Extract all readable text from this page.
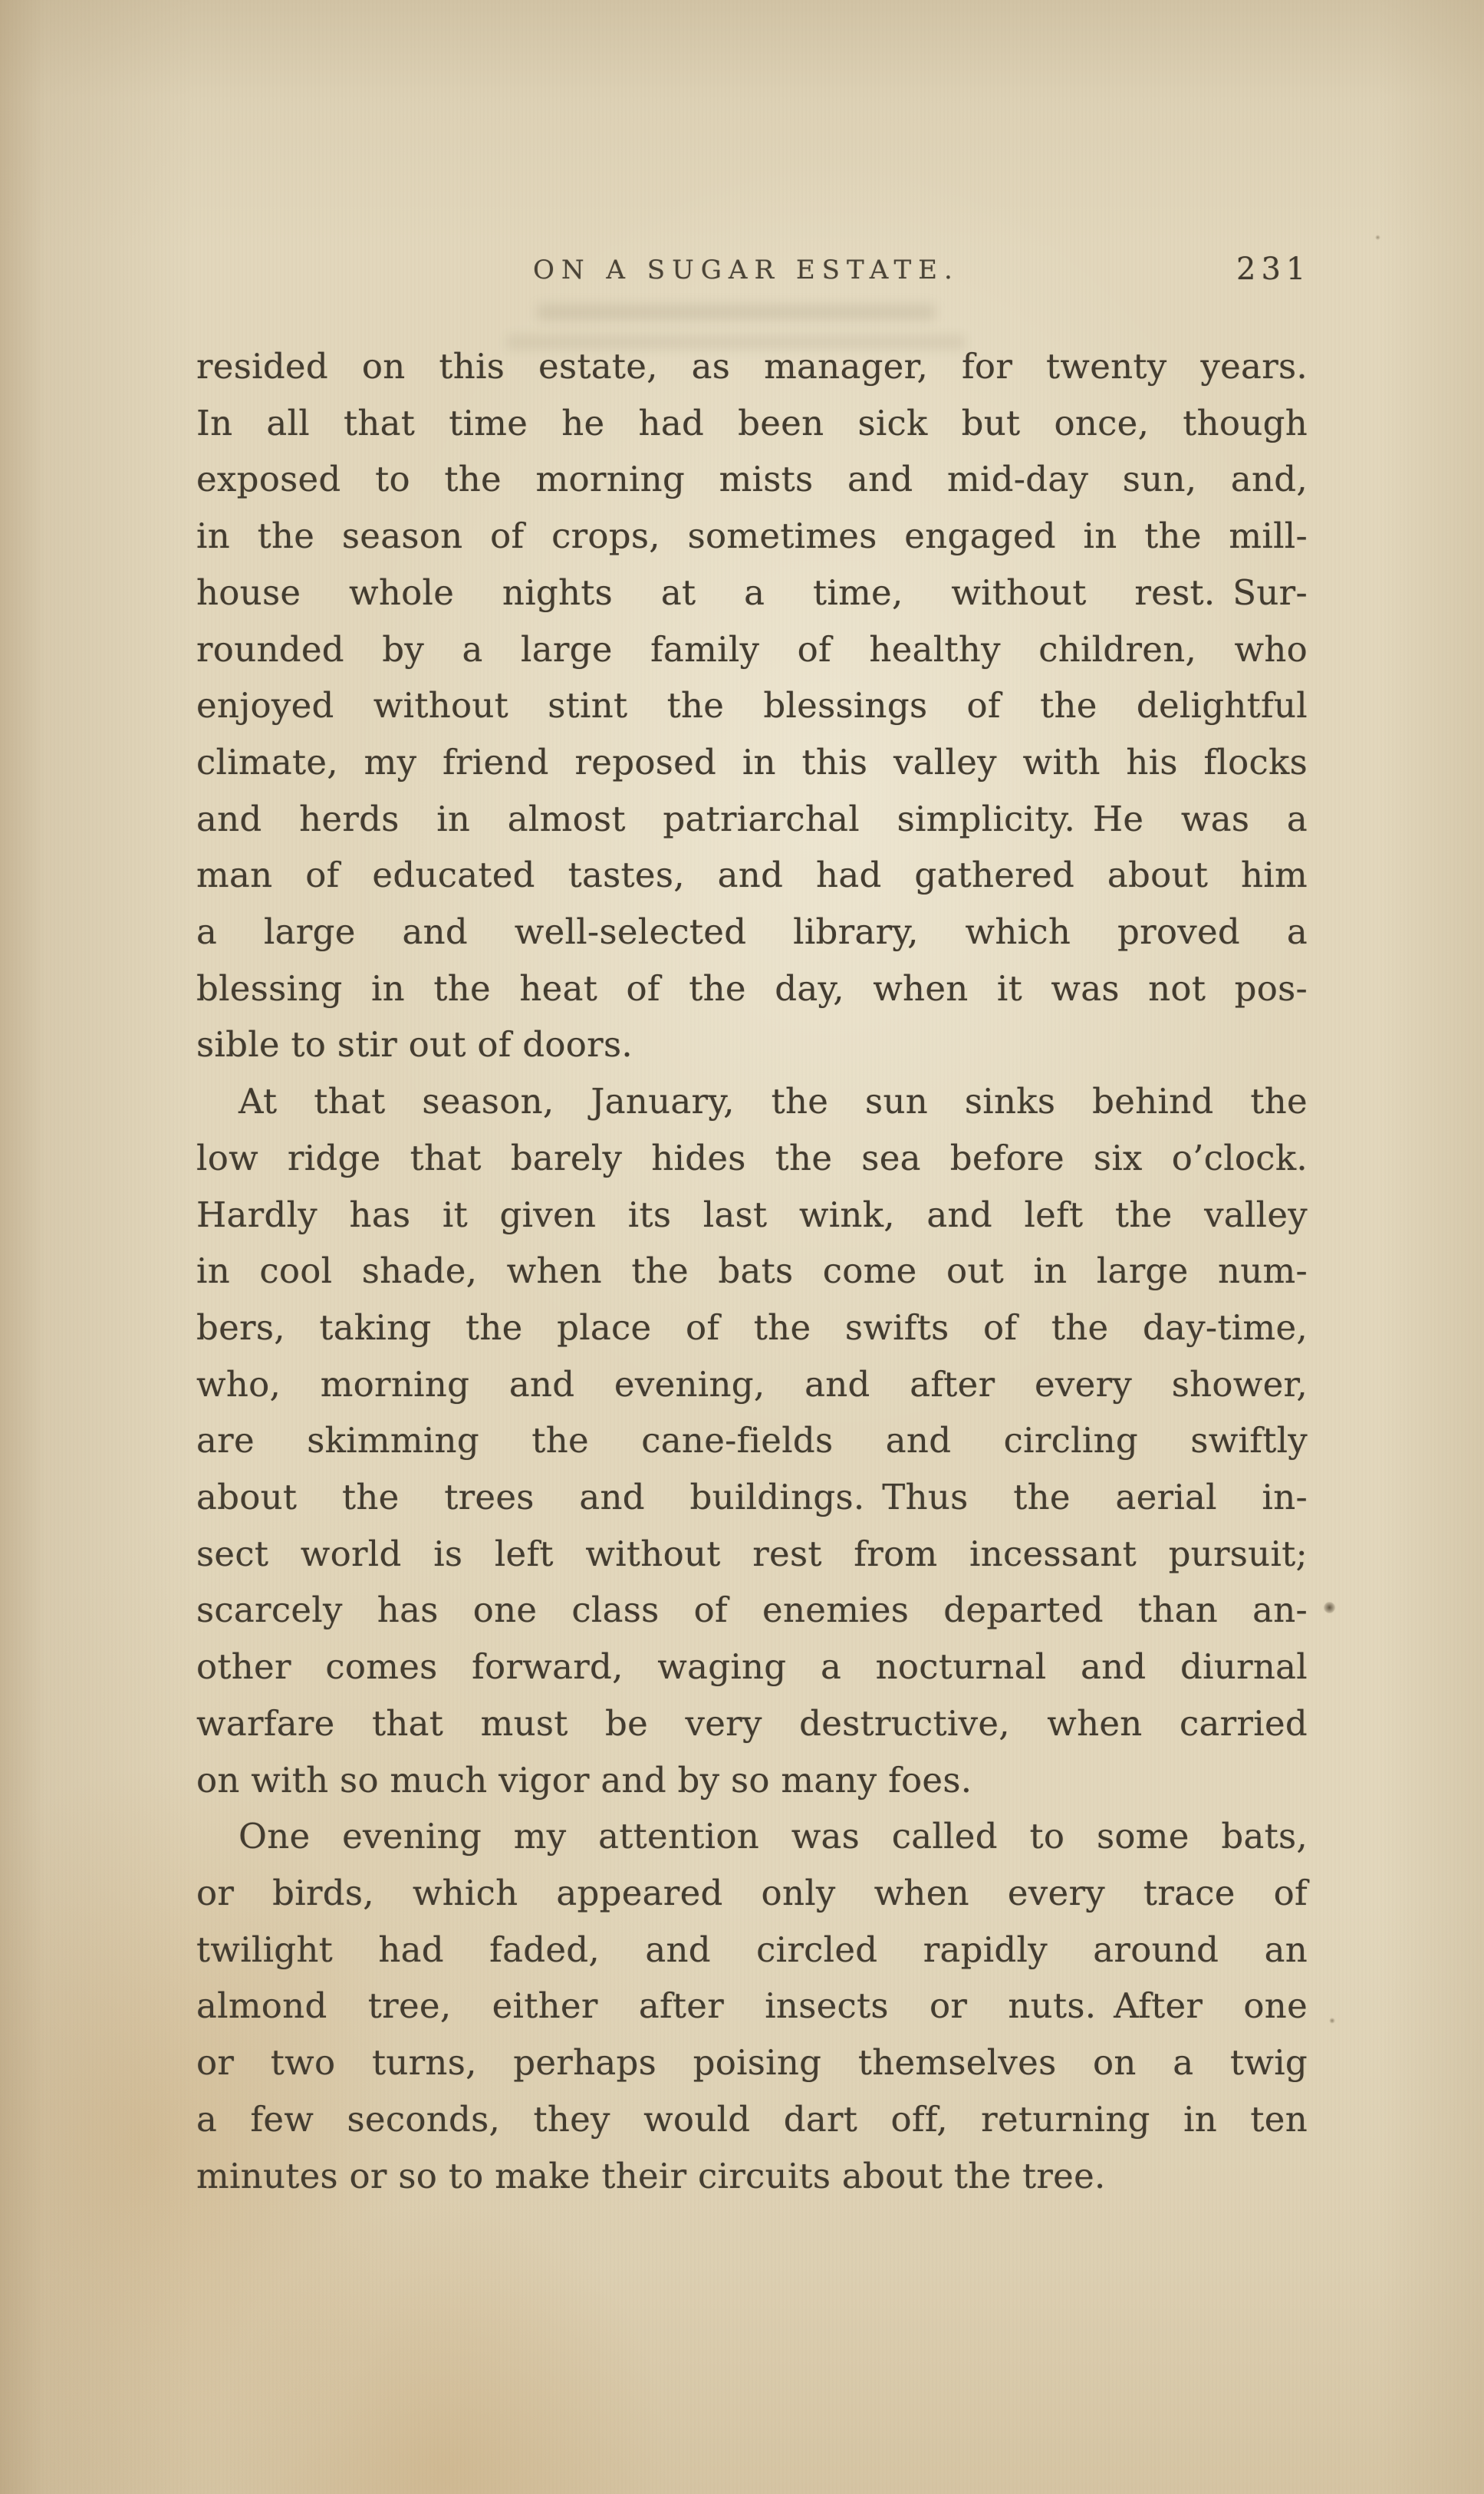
ON A SUGAR ESTATE.	231
resided on this estate, as manager, for twenty years.
In all that time he had been sick but once, though
exposed to the morning mists and mid-day sun, and,
in the season of crops, sometimes engaged in the mill-
house whole nights at a time, without rest. Sur-
rounded by a large family of healthy children, who
enjoyed without stint the blessings of the delightful
climate, my friend reposed in this valley with his flocks
and herds in almost patriarchal simplicity. He was a
man of educated tastes, and had gathered about him
a large and well-selected library, which proved a
blessing in the heat of the day, when it was not pos-
sible to stir out of doors.
At that season, January, the sun sinks behind the
low ridge that barely hides the sea before six o’clock.
Hardly has it given its last wink, and left the valley
in cool shade, when the bats come out in large num-
bers, taking the place of the swifts of the day-time,
who, morning and evening, and after every shower,
are skimming the cane-fields and circling swiftly
about the trees and buildings. Thus the aerial in-
sect world is left without rest from incessant pursuit;
scarcely has one class of enemies departed than an-
other comes forward, waging a nocturnal and diurnal
warfare that must be very destructive, when carried
on with so much vigor and by so many foes.
One evening my attention was called to some bats,
or birds, which appeared only when every trace of
twilight had faded, and circled rapidly around an
almond tree, either after insects or nuts. After one
or two turns, perhaps poising themselves on a twig
a few seconds, they would dart off, returning in ten
minutes or so to make their circuits about the tree.
